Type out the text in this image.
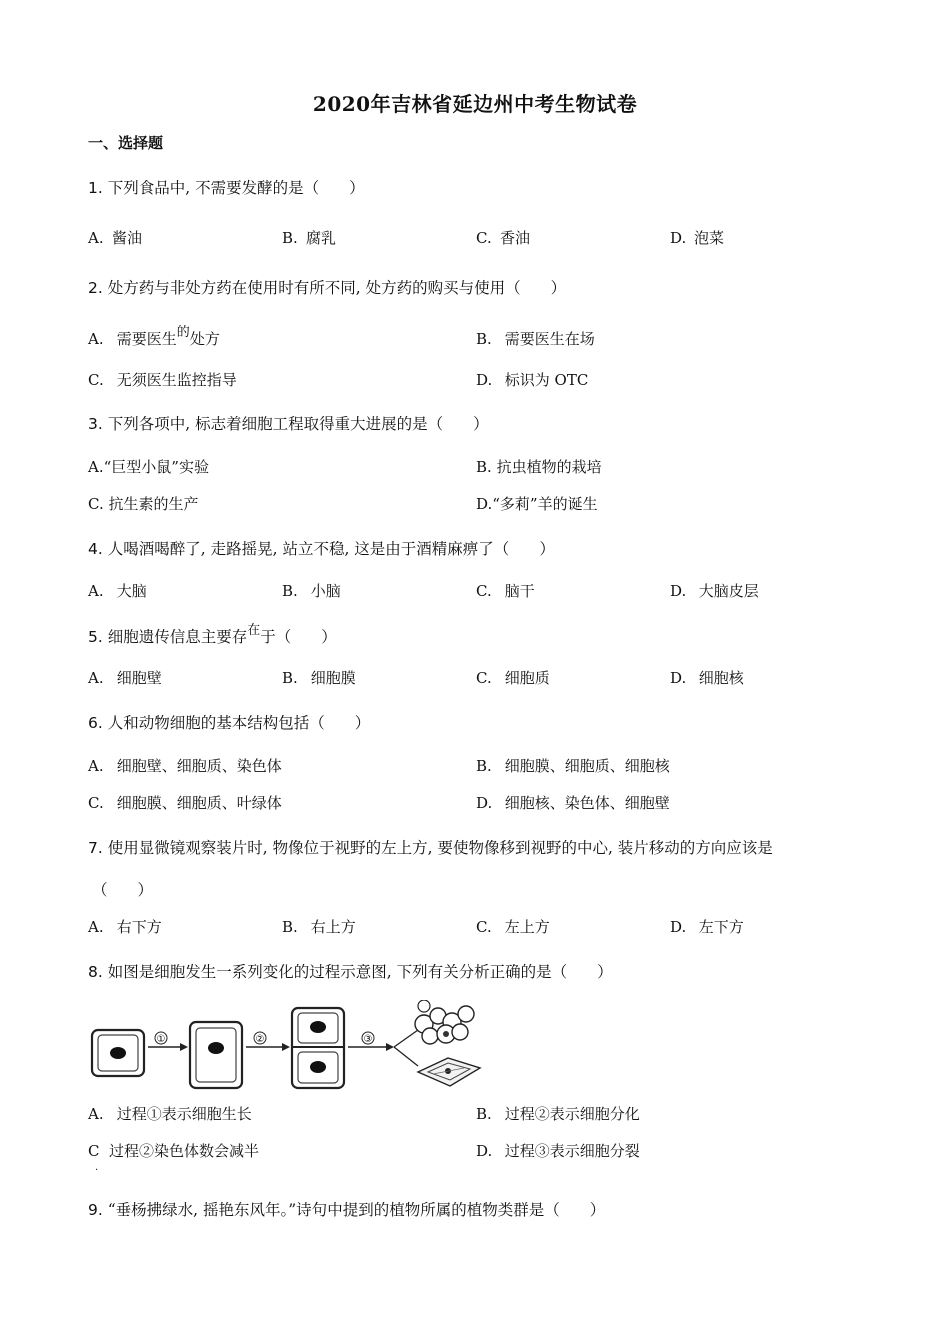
2020年吉林省延边州中考生物试卷
一、选择题
1. 下列食品中, 不需要发酵的是（ ）
A. 酱油	B. 腐乳	C. 香油	D. 泡菜
2. 处方药与非处方药在使用时有所不同, 处方药的购买与使用（ ）
A. 需要医生的处方	B. 需要医生在场
C. 无须医生监控指导	D. 标识为 OTC
3. 下列各项中, 标志着细胞工程取得重大进展的是（ ）
A.“巨型小鼠”实验	B. 抗虫植物的栽培
C. 抗生素的生产	D.“多莉”羊的诞生
4. 人喝酒喝醉了, 走路摇晃, 站立不稳, 这是由于酒精麻痹了（ ）
A. 大脑	B. 小脑	C. 脑干	D. 大脑皮层
5. 细胞遗传信息主要存$^在$于（ ）
A. 细胞壁	B. 细胞膜	C. 细胞质	D. 细胞核
6. 人和动物细胞的基本结构包括（ ）
A. 细胞壁、细胞质、染色体	B. 细胞膜、细胞质、细胞核
C. 细胞膜、细胞质、叶绿体	D. 细胞核、染色体、细胞壁
7. 使用显微镜观察装片时, 物像位于视野的左上方, 要使物像移到视野的中心, 装片移动的方向应该是
（ ）
A. 右下方	B. 右上方	C. 左上方	D. 左下方
8. 如图是细胞发生一系列变化的过程示意图, 下列有关分析正确的是（ ）
①	②	③
A. 过程①表示细胞生长	B. 过程②表示细胞分化
C 过程②染色体数会减半	D. 过程③表示细胞分裂
.
9. “垂杨拂绿水, 摇艳东风年。”诗句中提到的植物所属的植物类群是（ ）
